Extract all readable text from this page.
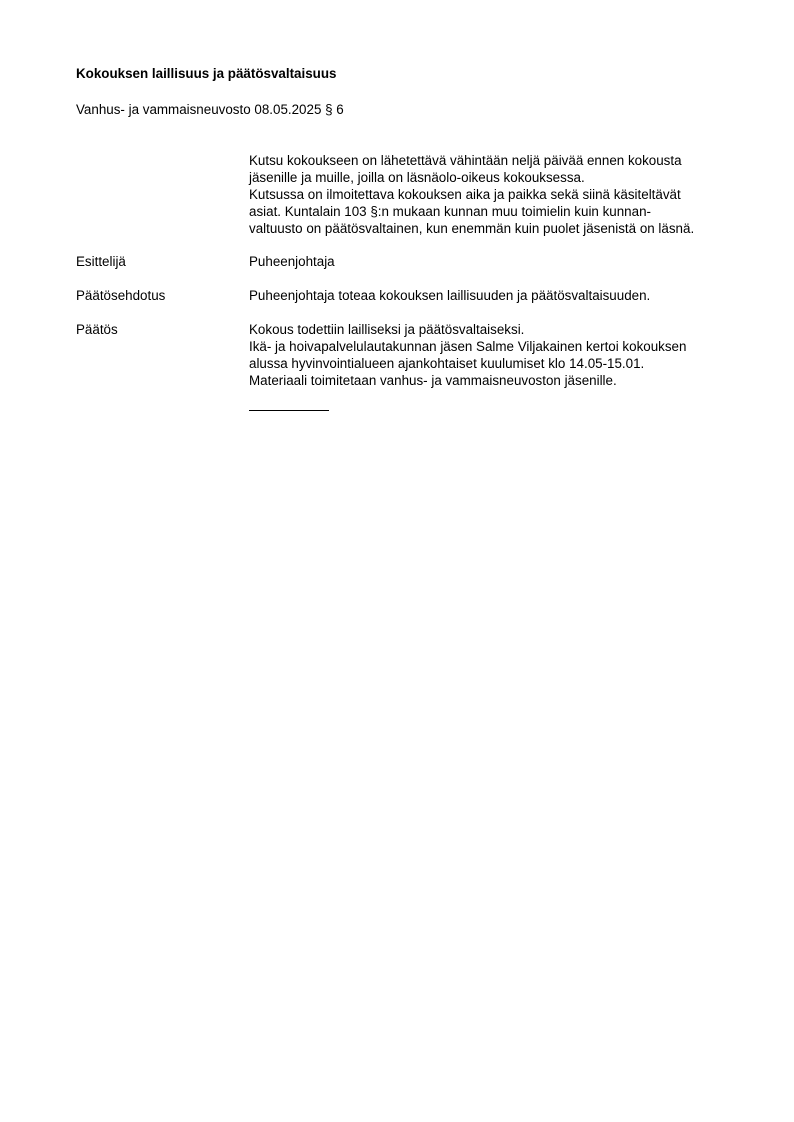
Kokouksen laillisuus ja päätösvaltaisuus
Vanhus- ja vammaisneuvosto 08.05.2025 § 6

Kutsu kokoukseen on lähetettävä vähintään neljä päivää ennen kokousta
jäsenille ja muille, joilla on läsnäolo-oikeus kokouksessa.

Kutsussa on ilmoitettava kokouksen aika ja paikka sekä siinä käsiteltävät
asiat. Kuntalain 103 §:n mukaan kunnan muu toimielin kuin kunnan-
valtuusto on päätösvaltainen, kun enemmän kuin puolet jäsenistä on läsnä.

Esittelijä	Puheenjohtaja
Päätösehdotus	Puheenjohtaja toteaa kokouksen laillisuuden ja päätösvaltaisuuden.
Päätös	Kokous todettiin lailliseksi ja päätösvaltaiseksi.

Ikä- ja hoivapalvelulautakunnan jäsen Salme Viljakainen kertoi kokouksen
alussa hyvinvointialueen ajankohtaiset kuulumiset klo 14.05-15.01.
Materiaali toimitetaan vanhus- ja vammaisneuvoston jäsenille.
